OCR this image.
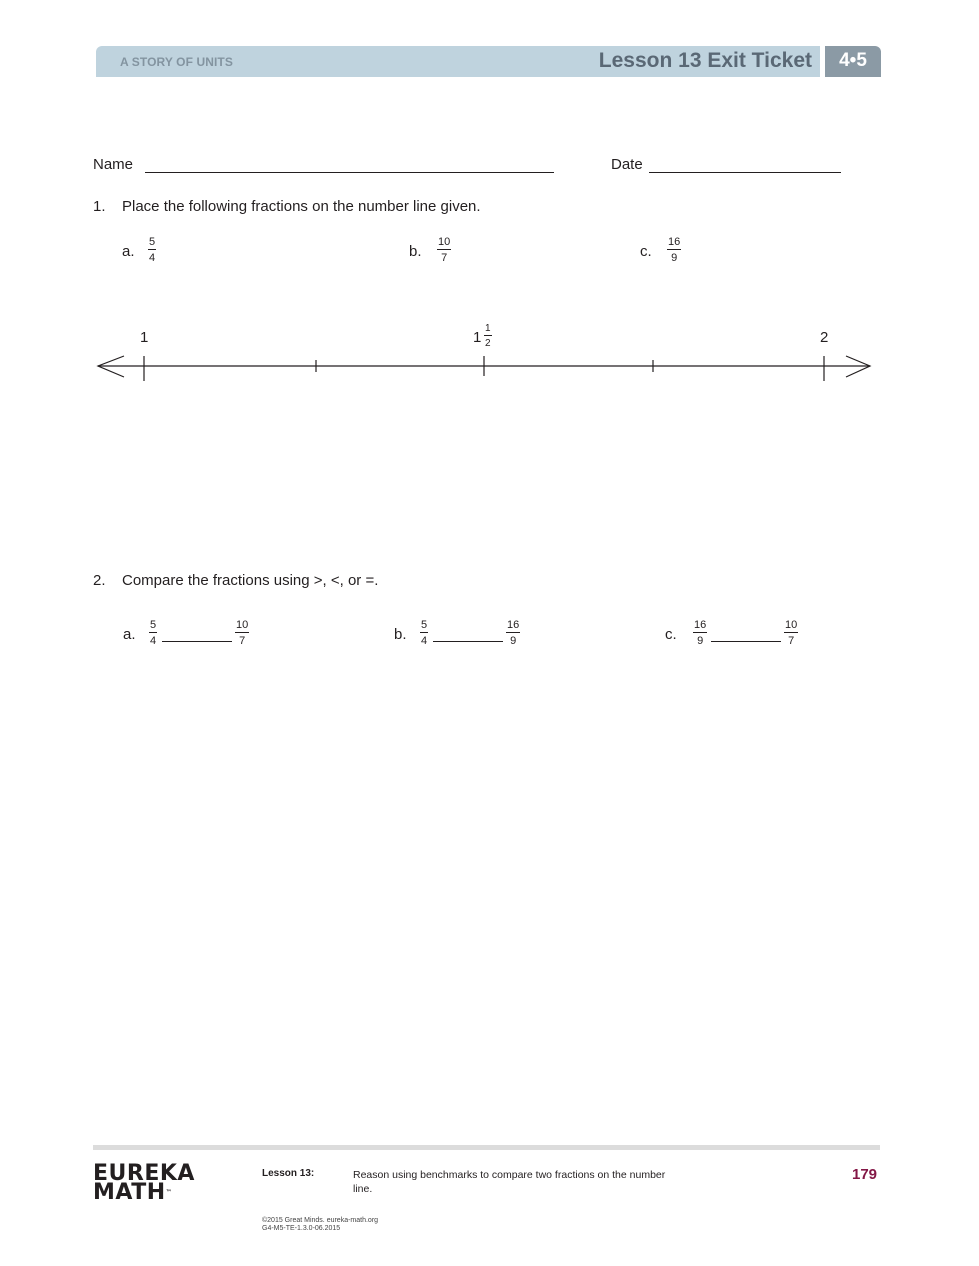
A STORY OF UNITS	Lesson 13 Exit Ticket	4•5
Name	Date
1. Place the following fractions on the number line given.
a. $\frac{5}{4}$	b. $\frac{10}{7}$	c. $\frac{16}{9}$
1	$1 \frac{1}{2}$	2
2. Compare the fractions using >, <, or =.
a. $\frac{5}{4}$	$\frac{10}{7}$	b. $\frac{5}{4}$	$\frac{16}{9}$	c. $\frac{16}{9}$	$\frac{10}{7}$
EUREKA
MATH™
Lesson 13:	Reason using benchmarks to compare two fractions on the number line.
179
©2015 Great Minds. eureka-math.org
G4-M5-TE-1.3.0-06.2015
